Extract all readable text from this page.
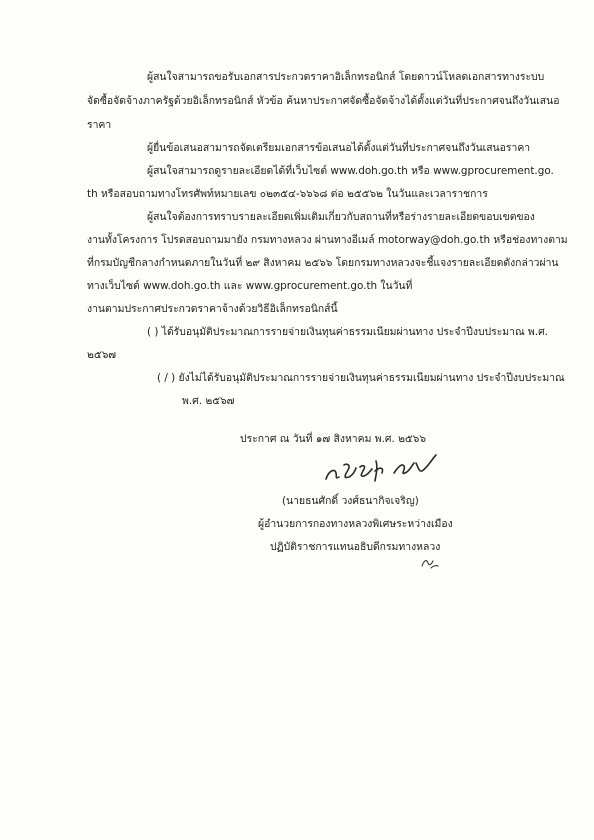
ผู้สนใจสามารถขอรับเอกสารประกวดราคาอิเล็กทรอนิกส์ โดยดาวน์โหลดเอกสารทางระบบ
จัดซื้อจัดจ้างภาครัฐด้วยอิเล็กทรอนิกส์ หัวข้อ ค้นหาประกาศจัดซื้อจัดจ้างได้ตั้งแต่วันที่ประกาศจนถึงวันเสนอ
ราคา
ผู้ยื่นข้อเสนอสามารถจัดเตรียมเอกสารข้อเสนอได้ตั้งแต่วันที่ประกาศจนถึงวันเสนอราคา
ผู้สนใจสามารถดูรายละเอียดได้ที่เว็บไซต์ www.doh.go.th หรือ www.gprocurement.go.
th หรือสอบถามทางโทรศัพท์หมายเลข ๐๒๓๕๔-๖๖๖๘ ต่อ ๒๕๕๖๒ ในวันและเวลาราชการ
ผู้สนใจต้องการทราบรายละเอียดเพิ่มเติมเกี่ยวกับสถานที่หรือร่างรายละเอียดขอบเขตของ
งานทั้งโครงการ โปรดสอบถามมายัง กรมทางหลวง ผ่านทางอีเมล์ motorway@doh.go.th หรือช่องทางตาม
ที่กรมบัญชีกลางกำหนดภายในวันที่ ๒๙ สิงหาคม ๒๕๖๖ โดยกรมทางหลวงจะชี้แจงรายละเอียดดังกล่าวผ่าน
ทางเว็บไซต์ www.doh.go.th และ www.gprocurement.go.th ในวันที่
งานตามประกาศประกวดราคาจ้างด้วยวิธีอิเล็กทรอนิกส์นี้
( ) ได้รับอนุมัติประมาณการรายจ่ายเงินทุนค่าธรรมเนียมผ่านทาง ประจำปีงบประมาณ พ.ศ.
๒๕๖๗
( / ) ยังไม่ได้รับอนุมัติประมาณการรายจ่ายเงินทุนค่าธรรมเนียมผ่านทาง ประจำปีงบประมาณ
พ.ศ. ๒๕๖๗
ประกาศ ณ วันที่ ๑๗ สิงหาคม พ.ศ. ๒๕๖๖
(นายธนศักดิ์ วงศ์ธนากิจเจริญ)
ผู้อำนวยการกองทางหลวงพิเศษระหว่างเมือง
ปฏิบัติราชการแทนอธิบดีกรมทางหลวง
